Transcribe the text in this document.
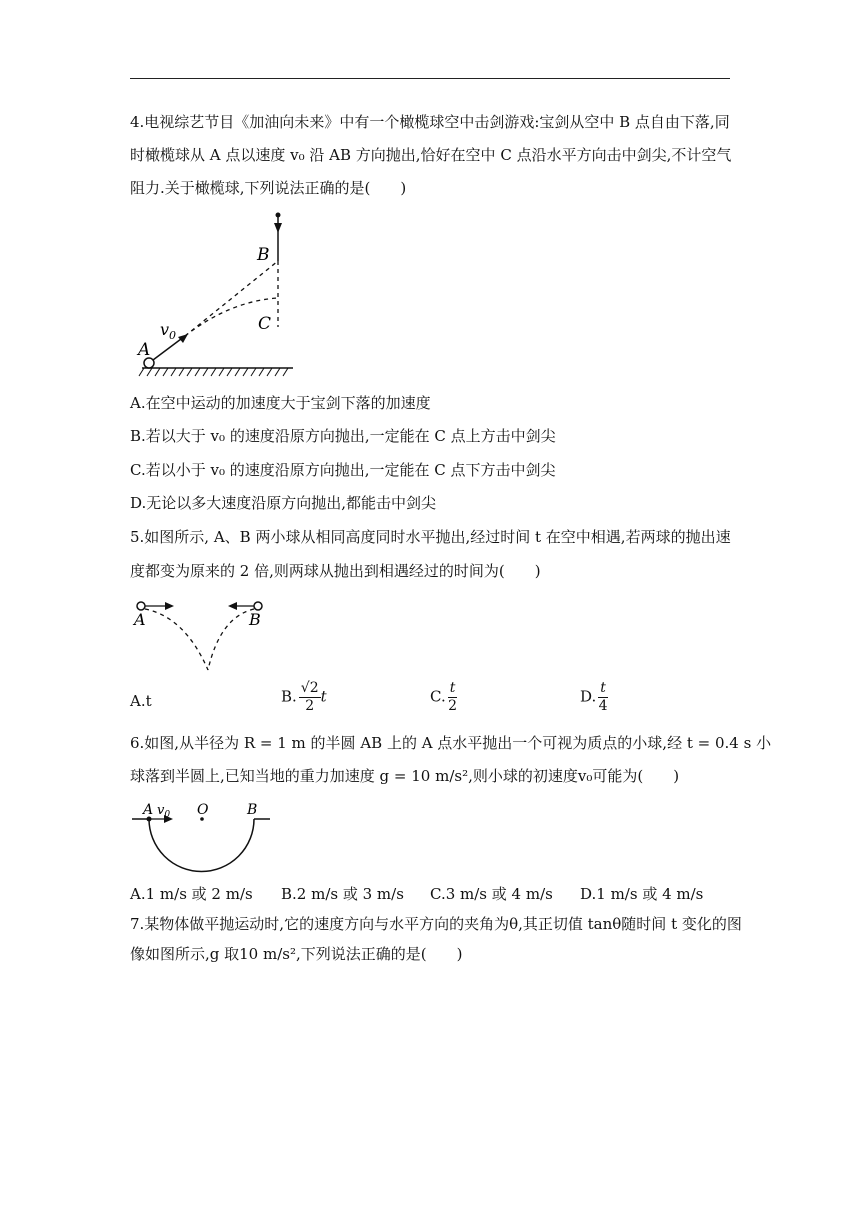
4.电视综艺节目《加油向未来》中有一个橄榄球空中击剑游戏:宝剑从空中 B 点自由下落,同
时橄榄球从 A 点以速度 v₀ 沿 AB 方向抛出,恰好在空中 C 点沿水平方向击中剑尖,不计空气
阻力.关于橄榄球,下列说法正确的是(　　)
B
C
A
$v_0$
A.在空中运动的加速度大于宝剑下落的加速度
B.若以大于 v₀ 的速度沿原方向抛出,一定能在 C 点上方击中剑尖
C.若以小于 v₀ 的速度沿原方向抛出,一定能在 C 点下方击中剑尖
D.无论以多大速度沿原方向抛出,都能击中剑尖
5.如图所示, A、B 两小球从相同高度同时水平抛出,经过时间 t 在空中相遇,若两球的抛出速
度都变为原来的 2 倍,则两球从抛出到相遇经过的时间为(　　)
A	B
A.t	B. $\frac{√2}{2}$ t	C. $\frac{t}{2}$	D. $\frac{t}{4}$
6.如图,从半径为 R = 1 m 的半圆 AB 上的 A 点水平抛出一个可视为质点的小球,经 t = 0.4 s 小
球落到半圆上,已知当地的重力加速度 g = 10 m/s²,则小球的初速度v₀可能为(　　)
A $v_0$ O	B
A.1 m/s 或 2 m/s B.2 m/s 或 3 m/s C.3 m/s 或 4 m/s D.1 m/s 或 4 m/s
7.某物体做平抛运动时,它的速度方向与水平方向的夹角为θ,其正切值 tanθ随时间 t 变化的图
像如图所示,g 取10 m/s²,下列说法正确的是(　　)
